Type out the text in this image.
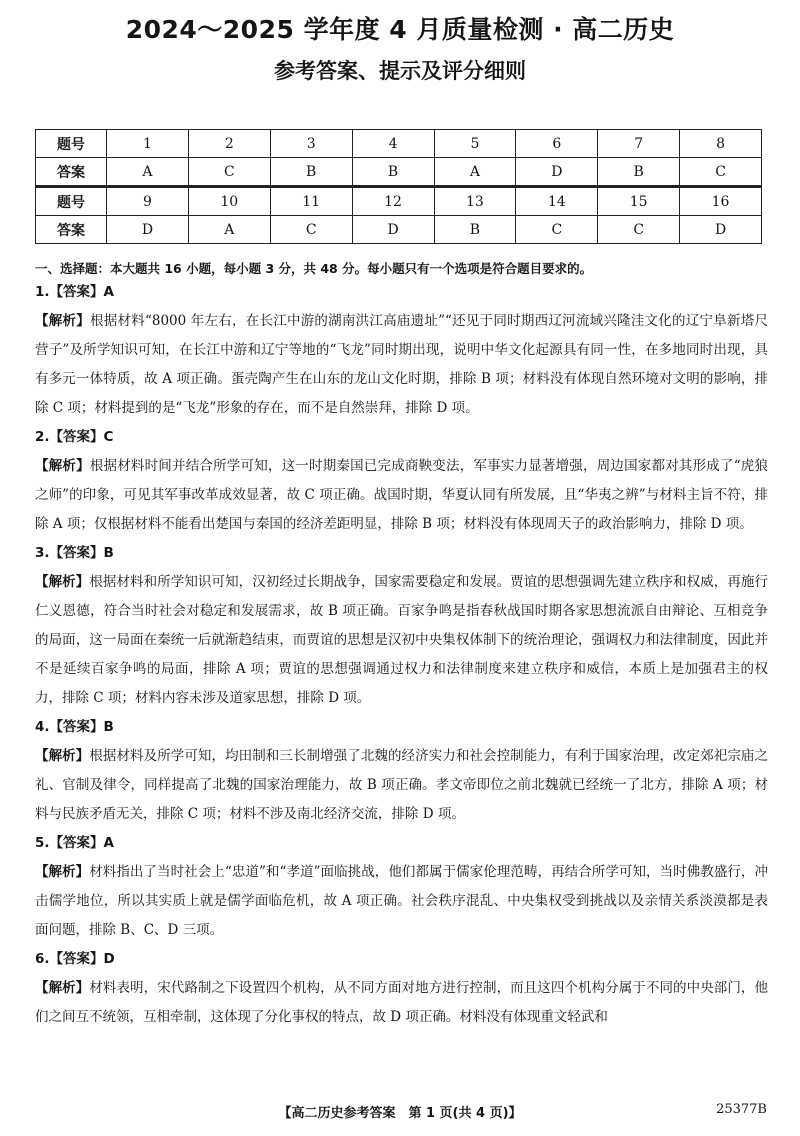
2024～2025 学年度 4 月质量检测 · 高二历史
参考答案、提示及评分细则
题号	1	2	3	4	5	6	7	8
答案	A	C	B	B	A	D	B	C
题号	9	10	11	12	13	14	15	16
答案	D	A	C	D	B	C	C	D
一、选择题：本大题共 16 小题，每小题 3 分，共 48 分。每小题只有一个选项是符合题目要求的。
1.【答案】A
【解析】根据材料“8000 年左右，在长江中游的湖南洪江高庙遗址”“还见于同时期西辽河流域兴隆洼文化的辽宁阜新塔尺营子”及所学知识可知，在长江中游和辽宁等地的“飞龙”同时期出现，说明中华文化起源具有同一性，在多地同时出现，具有多元一体特质，故 A 项正确。蛋壳陶产生在山东的龙山文化时期，排除 B 项；材料没有体现自然环境对文明的影响，排除 C 项；材料提到的是“飞龙”形象的存在，而不是自然崇拜，排除 D 项。
2.【答案】C
【解析】根据材料时间并结合所学可知，这一时期秦国已完成商鞅变法，军事实力显著增强，周边国家都对其形成了“虎狼之师”的印象，可见其军事改革成效显著，故 C 项正确。战国时期，华夏认同有所发展，且“华夷之辨”与材料主旨不符，排除 A 项；仅根据材料不能看出楚国与秦国的经济差距明显，排除 B 项；材料没有体现周天子的政治影响力，排除 D 项。
3.【答案】B
【解析】根据材料和所学知识可知，汉初经过长期战争，国家需要稳定和发展。贾谊的思想强调先建立秩序和权威，再施行仁义恩德，符合当时社会对稳定和发展需求，故 B 项正确。百家争鸣是指春秋战国时期各家思想流派自由辩论、互相竞争的局面，这一局面在秦统一后就渐趋结束，而贾谊的思想是汉初中央集权体制下的统治理论，强调权力和法律制度，因此并不是延续百家争鸣的局面，排除 A 项；贾谊的思想强调通过权力和法律制度来建立秩序和威信，本质上是加强君主的权力，排除 C 项；材料内容未涉及道家思想，排除 D 项。
4.【答案】B
【解析】根据材料及所学可知，均田制和三长制增强了北魏的经济实力和社会控制能力，有利于国家治理，改定郊祀宗庙之礼、官制及律令，同样提高了北魏的国家治理能力，故 B 项正确。孝文帝即位之前北魏就已经统一了北方，排除 A 项；材料与民族矛盾无关，排除 C 项；材料不涉及南北经济交流，排除 D 项。
5.【答案】A
【解析】材料指出了当时社会上“忠道”和“孝道”面临挑战，他们都属于儒家伦理范畴，再结合所学可知，当时佛教盛行，冲击儒学地位，所以其实质上就是儒学面临危机，故 A 项正确。社会秩序混乱、中央集权受到挑战以及亲情关系淡漠都是表面问题，排除 B、C、D 三项。
6.【答案】D
【解析】材料表明，宋代路制之下设置四个机构，从不同方面对地方进行控制，而且这四个机构分属于不同的中央部门，他们之间互不统领，互相牵制，这体现了分化事权的特点，故 D 项正确。材料没有体现重文轻武和
【高二历史参考答案　第 1 页(共 4 页)】	25377B
